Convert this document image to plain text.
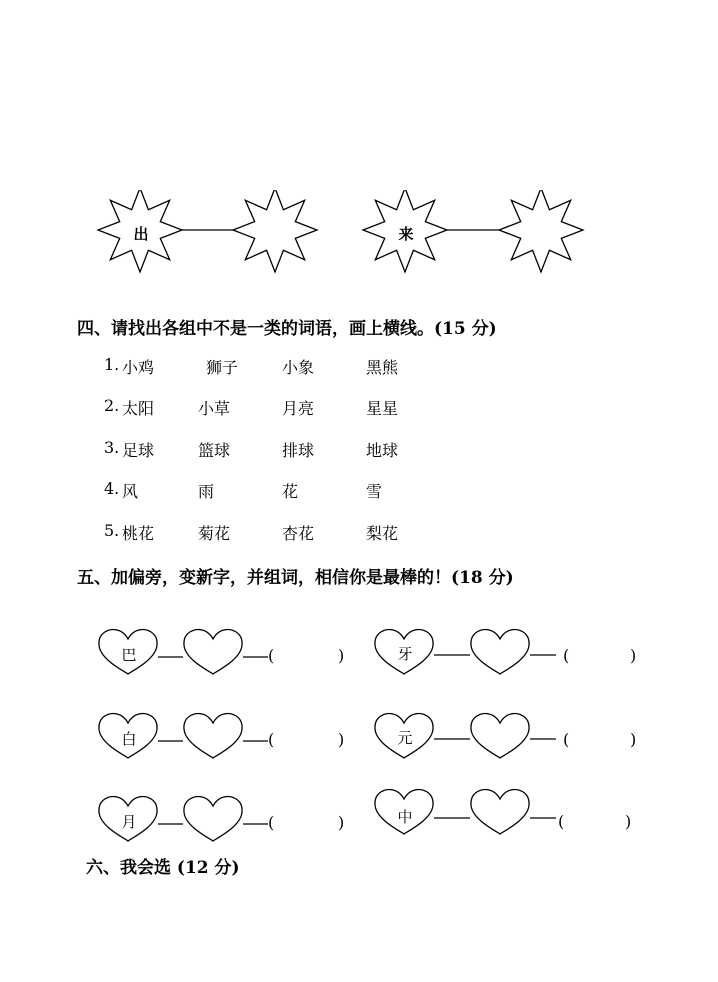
出	来
四、请找出各组中不是一类的词语，画上横线。(15 分)
1. 小鸡	狮子	小象	黑熊
2. 太阳	小草	月亮	星星
3. 足球	篮球	排球	地球
4. 风	雨	花	雪
5. 桃花	菊花	杏花	梨花
五、加偏旁，变新字，并组词，相信你是最棒的！(18 分)
巴
白
月
牙
元
中
(	)
(	)
(	)
(	)
(	)
(	)
六、我会选 (12 分)
